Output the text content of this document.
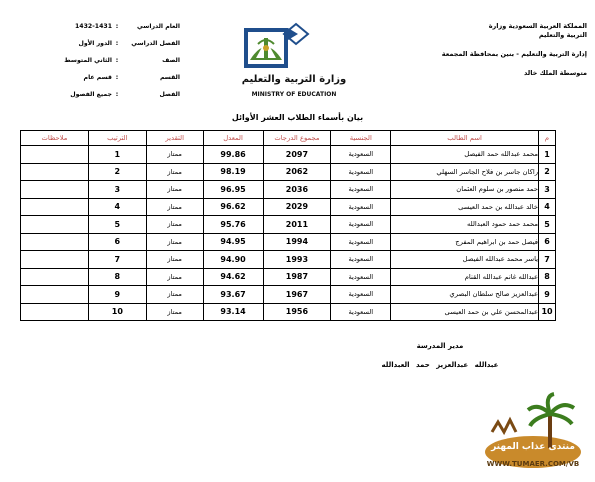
المملكة العربية السعودية وزارة
التربية والتعليم
إدارة التربية والتعليم - بنين بمحافظة المجمعة
متوسطة الملك خالد
العام الدراسي
:
1432-1431
الفصل الدراسي
:
الدور الأول
الصف
:
الثاني المتوسط
القسم
:
قسم عام
الفصل
:
جميع الفصول
وزارة التربية والتعليم
MINISTRY OF EDUCATION
بيان بأسماء الطلاب العشر الأوائل
م	اسم الطالب	الجنسية	مجموع الدرجات	المعدل	التقدير	الترتيب	ملاحظات
1	محمد عبدالله حمد الفيصل	السعودية	2097	99.86	ممتاز	1	
2	راكان جاسر بن فلاح الجاسر السهلي	السعودية	2062	98.19	ممتاز	2	
3	حمد منصور بن سلوم العثمان	السعودية	2036	96.95	ممتاز	3	
4	خالد عبدالله بن حمد العيسى	السعودية	2029	96.62	ممتاز	4	
5	محمد حمد حمود العبدالله	السعودية	2011	95.76	ممتاز	5	
6	فيصل حمد بن ابراهيم المفرج	السعودية	1994	94.95	ممتاز	6	
7	ياسر محمد عبدالله الفيصل	السعودية	1993	94.90	ممتاز	7	
8	عبدالله غانم عبدالله القنام	السعودية	1987	94.62	ممتاز	8	
9	عبدالعزيز صالح سلطان البصري	السعودية	1967	93.67	ممتاز	9	
10	عبدالمحسن علي بن حمد العيسى	السعودية	1956	93.14	ممتاز	10	
مدير المدرسة
عبدالله عبدالعزيز حمد العبدالله
منتدى عذاب المهنر
WWW.TUMAER.COM/VB
